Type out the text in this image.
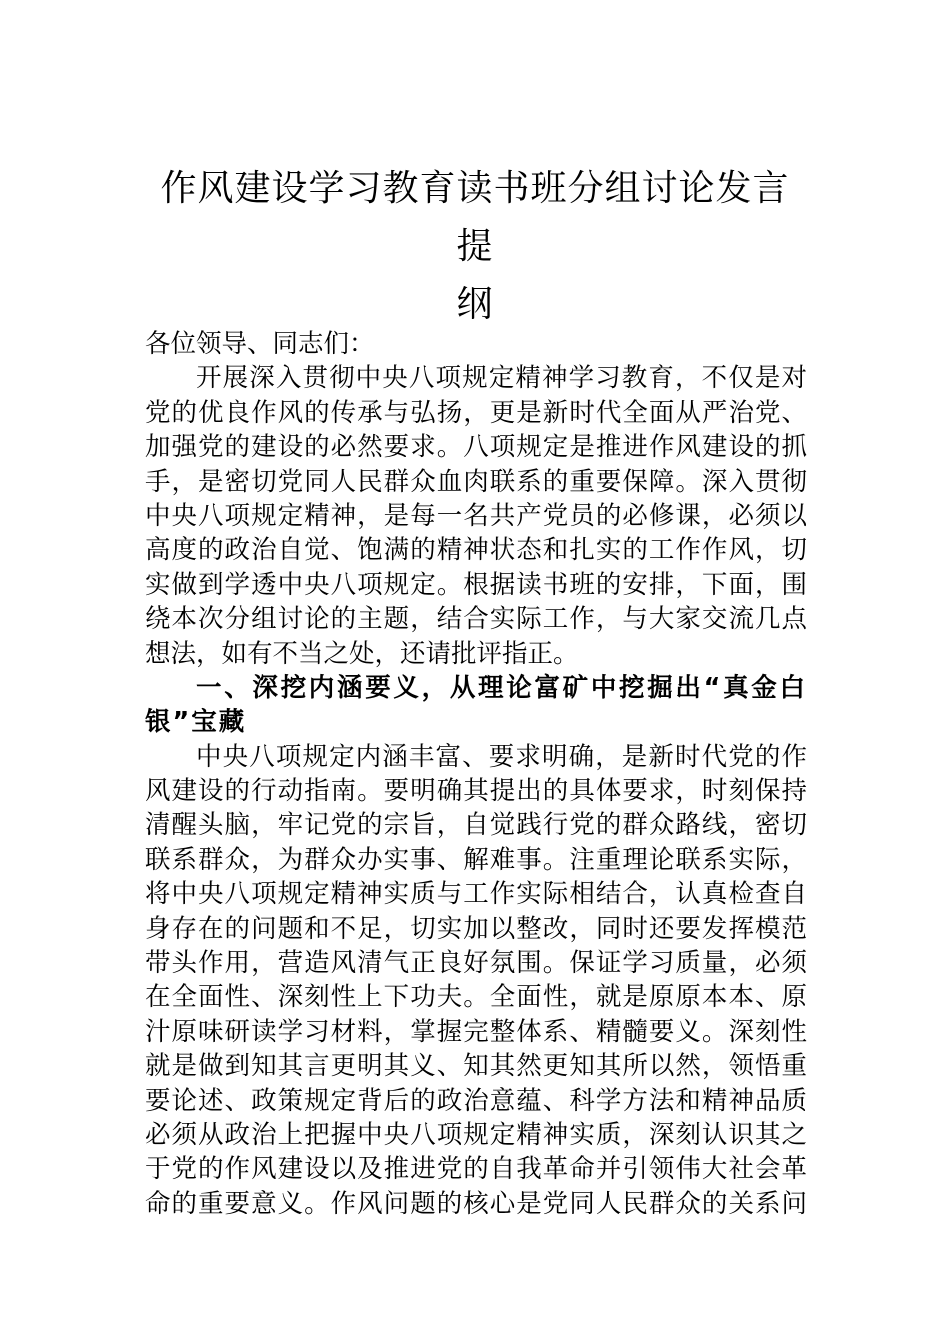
作风建设学习教育读书班分组讨论发言提
纲
各位领导、同志们：
开展深入贯彻中央八项规定精神学习教育，不仅是对
党的优良作风的传承与弘扬，更是新时代全面从严治党、
加强党的建设的必然要求。八项规定是推进作风建设的抓
手，是密切党同人民群众血肉联系的重要保障。深入贯彻
中央八项规定精神，是每一名共产党员的必修课，必须以
高度的政治自觉、饱满的精神状态和扎实的工作作风，切
实做到学透中央八项规定。根据读书班的安排，下面，围
绕本次分组讨论的主题，结合实际工作，与大家交流几点
想法，如有不当之处，还请批评指正。
一、深挖内涵要义，从理论富矿中挖掘出“真金白
银”宝藏
中央八项规定内涵丰富、要求明确，是新时代党的作
风建设的行动指南。要明确其提出的具体要求，时刻保持
清醒头脑，牢记党的宗旨，自觉践行党的群众路线，密切
联系群众，为群众办实事、解难事。注重理论联系实际，
将中央八项规定精神实质与工作实际相结合，认真检查自
身存在的问题和不足，切实加以整改，同时还要发挥模范
带头作用，营造风清气正良好氛围。保证学习质量，必须
在全面性、深刻性上下功夫。全面性，就是原原本本、原
汁原味研读学习材料，掌握完整体系、精髓要义。深刻性
就是做到知其言更明其义、知其然更知其所以然，领悟重
要论述、政策规定背后的政治意蕴、科学方法和精神品质
必须从政治上把握中央八项规定精神实质，深刻认识其之
于党的作风建设以及推进党的自我革命并引领伟大社会革
命的重要意义。作风问题的核心是党同人民群众的关系问
